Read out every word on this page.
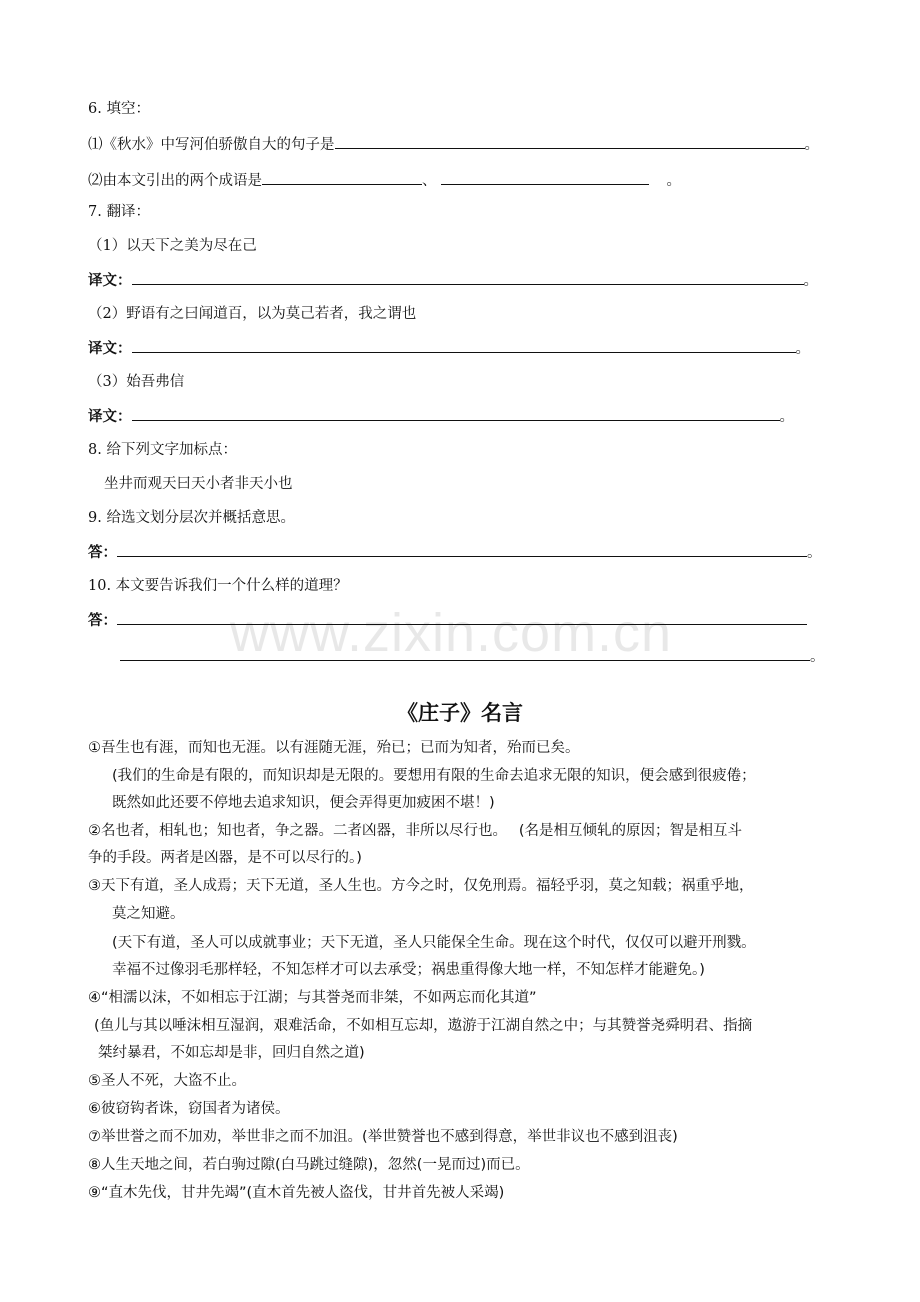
www.zixin.com.cn
6. 填空：
⑴《秋水》中写河伯骄傲自大的句子是	。
⑵由本文引出的两个成语是	、	。
7. 翻译：
（1）以天下之美为尽在己
译文：	。
（2）野语有之曰闻道百，以为莫己若者，我之谓也
译文：	。
（3）始吾弗信
译文：	。
8. 给下列文字加标点：
坐井而观天曰天小者非天小也
9. 给选文划分层次并概括意思。
答：	。
10. 本文要告诉我们一个什么样的道理？
答：
。
《庄子》名言
①吾生也有涯，而知也无涯。以有涯随无涯，殆已；已而为知者，殆而已矣。
(我们的生命是有限的，而知识却是无限的。要想用有限的生命去追求无限的知识，便会感到很疲倦；
既然如此还要不停地去追求知识，便会弄得更加疲困不堪！)
②名也者，相轧也；知也者，争之器。二者凶器，非所以尽行也。　 (名是相互倾轧的原因；智是相互斗
争的手段。两者是凶器，是不可以尽行的。)
③天下有道，圣人成焉；天下无道，圣人生也。方今之时，仅免刑焉。福轻乎羽，莫之知载；祸重乎地，
莫之知避。
(天下有道，圣人可以成就事业；天下无道，圣人只能保全生命。现在这个时代，仅仅可以避开刑戮。
幸福不过像羽毛那样轻，不知怎样才可以去承受；祸患重得像大地一样，不知怎样才能避免。)
④“相濡以沫，不如相忘于江湖；与其誉尧而非桀，不如两忘而化其道”
(鱼儿与其以唾沫相互湿润，艰难活命，不如相互忘却，遨游于江湖自然之中；与其赞誉尧舜明君、指摘
桀纣暴君，不如忘却是非，回归自然之道)
⑤圣人不死，大盗不止。
⑥彼窃钩者诛，窃国者为诸侯。
⑦举世誉之而不加劝，举世非之而不加沮。(举世赞誉也不感到得意，举世非议也不感到沮丧)
⑧人生天地之间，若白驹过隙(白马跳过缝隙)，忽然(一晃而过)而已。
⑨“直木先伐，甘井先竭”(直木首先被人盗伐，甘井首先被人采竭)
